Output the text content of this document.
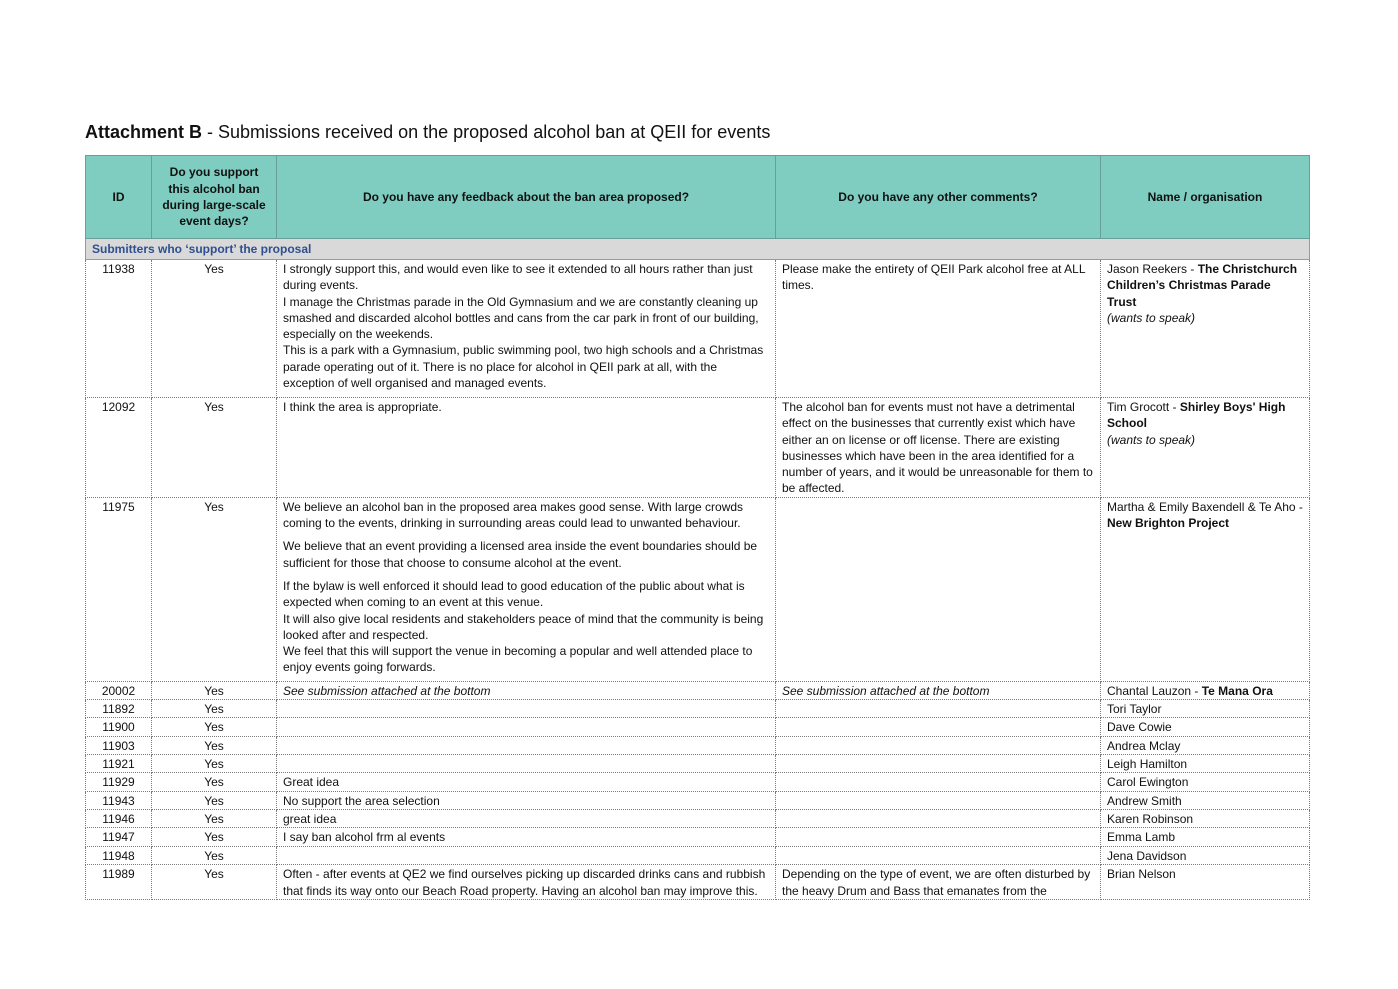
Attachment B - Submissions received on the proposed alcohol ban at QEII for events
ID	Do you support this alcohol ban during large-scale event days?	Do you have any feedback about the ban area proposed?	Do you have any other comments?	Name / organisation
Submitters who ‘support’ the proposal				
11938	Yes	I strongly support this, and would even like to see it extended to all hours rather than just during events.
I manage the Christmas parade in the Old Gymnasium and we are constantly cleaning up smashed and discarded alcohol bottles and cans from the car park in front of our building, especially on the weekends.
This is a park with a Gymnasium, public swimming pool, two high schools and a Christmas parade operating out of it. There is no place for alcohol in QEII park at all, with the exception of well organised and managed events.	Please make the entirety of QEII Park alcohol free at ALL times.	Jason Reekers - The Christchurch Children’s Christmas Parade Trust
(wants to speak)

12092	Yes	I think the area is appropriate.	The alcohol ban for events must not have a detrimental effect on the businesses that currently exist which have either an on license or off license. There are existing businesses which have been in the area identified for a number of years, and it would be unreasonable for them to be affected.	Tim Grocott - Shirley Boys' High School
(wants to speak)

11975	Yes	We believe an alcohol ban in the proposed area makes good sense. With large crowds coming to the events, drinking in surrounding areas could lead to unwanted behaviour.

We believe that an event providing a licensed area inside the event boundaries should be sufficient for those that choose to consume alcohol at the event.

If the bylaw is well enforced it should lead to good education of the public about what is expected when coming to an event at this venue.
It will also give local residents and stakeholders peace of mind that the community is being looked after and respected.
We feel that this will support the venue in becoming a popular and well attended place to enjoy events going forwards.		Martha & Emily Baxendell & Te Aho - New Brighton Project
20002	Yes	See submission attached at the bottom	See submission attached at the bottom	Chantal Lauzon - Te Mana Ora
11892	Yes			Tori Taylor
11900	Yes			Dave Cowie
11903	Yes			Andrea Mclay
11921	Yes			Leigh Hamilton
11929	Yes	Great idea		Carol Ewington
11943	Yes	No support the area selection		Andrew Smith
11946	Yes	great idea		Karen Robinson
11947	Yes	I say ban alcohol frm al events		Emma Lamb
11948	Yes			Jena Davidson
11989	Yes	Often - after events at QE2 we find ourselves picking up discarded drinks cans and rubbish that finds its way onto our Beach Road property. Having an alcohol ban may improve this.	Depending on the type of event, we are often disturbed by the heavy Drum and Bass that emanates from the	Brian Nelson
